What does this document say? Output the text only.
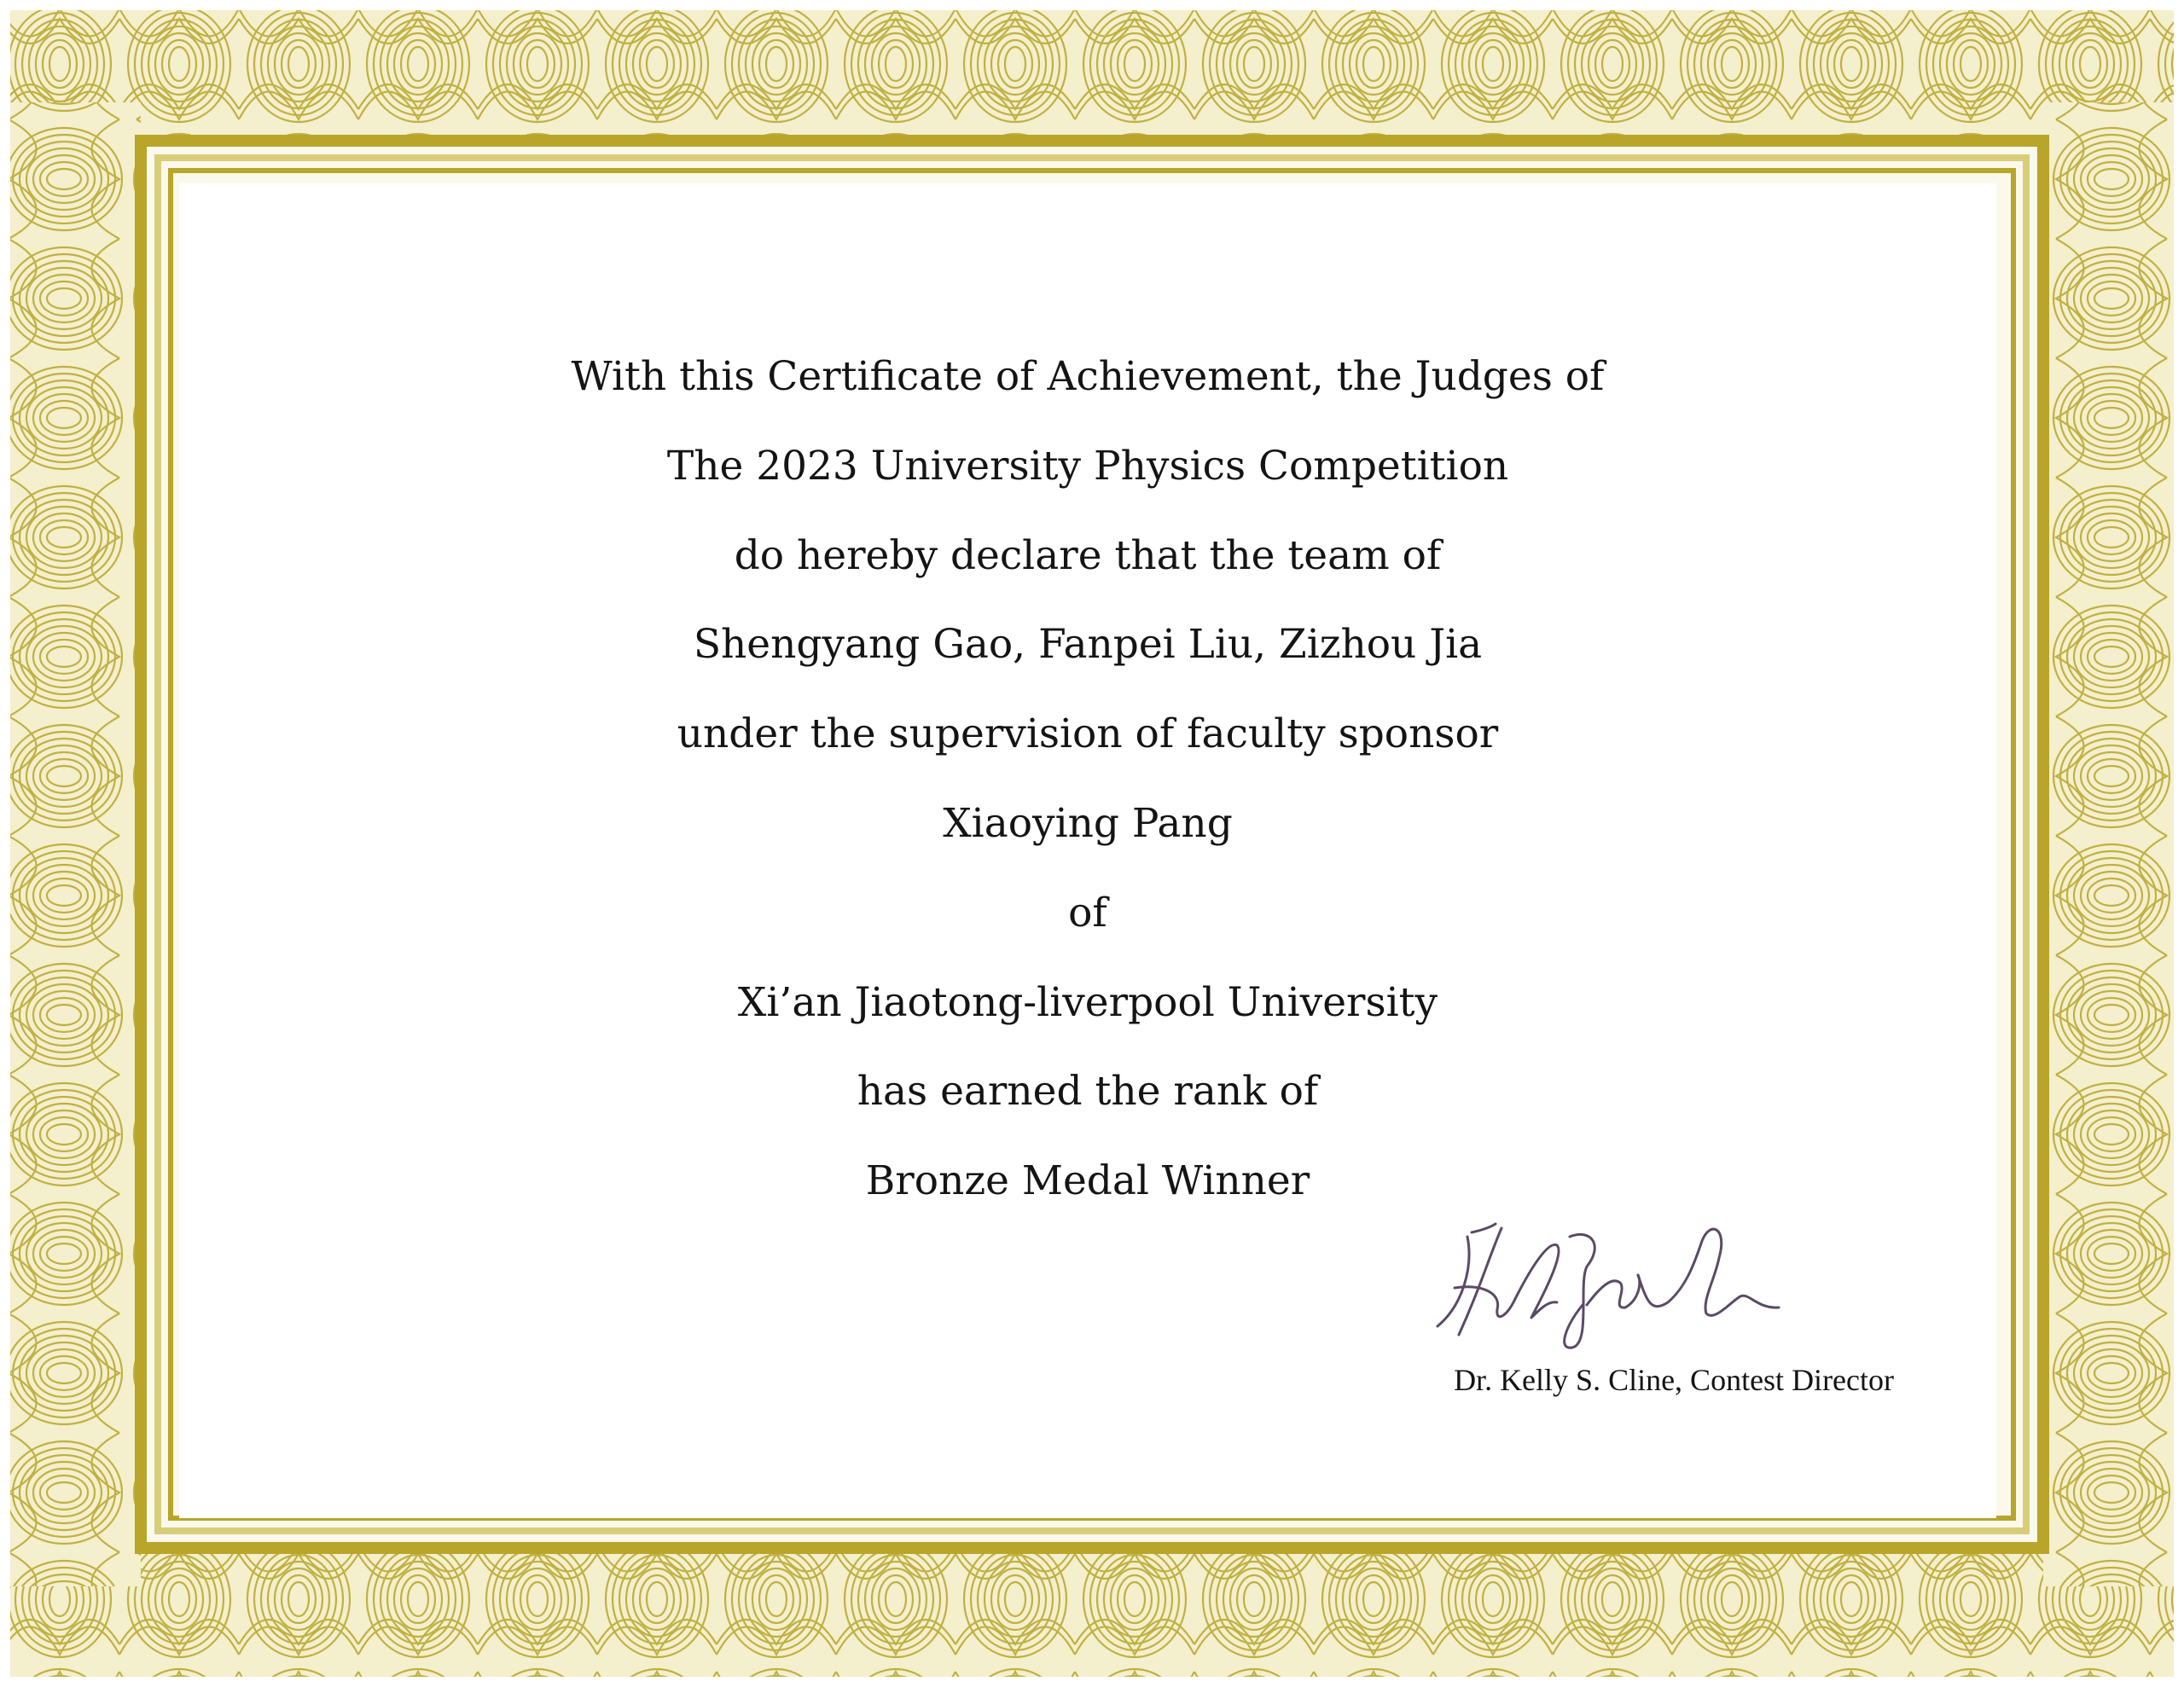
With this Certificate of Achievement, the Judges of
The 2023 University Physics Competition
do hereby declare that the team of
Shengyang Gao, Fanpei Liu, Zizhou Jia
under the supervision of faculty sponsor
Xiaoying Pang
of
Xi’an Jiaotong-liverpool University
has earned the rank of
Bronze Medal Winner
Dr. Kelly S. Cline, Contest Director
